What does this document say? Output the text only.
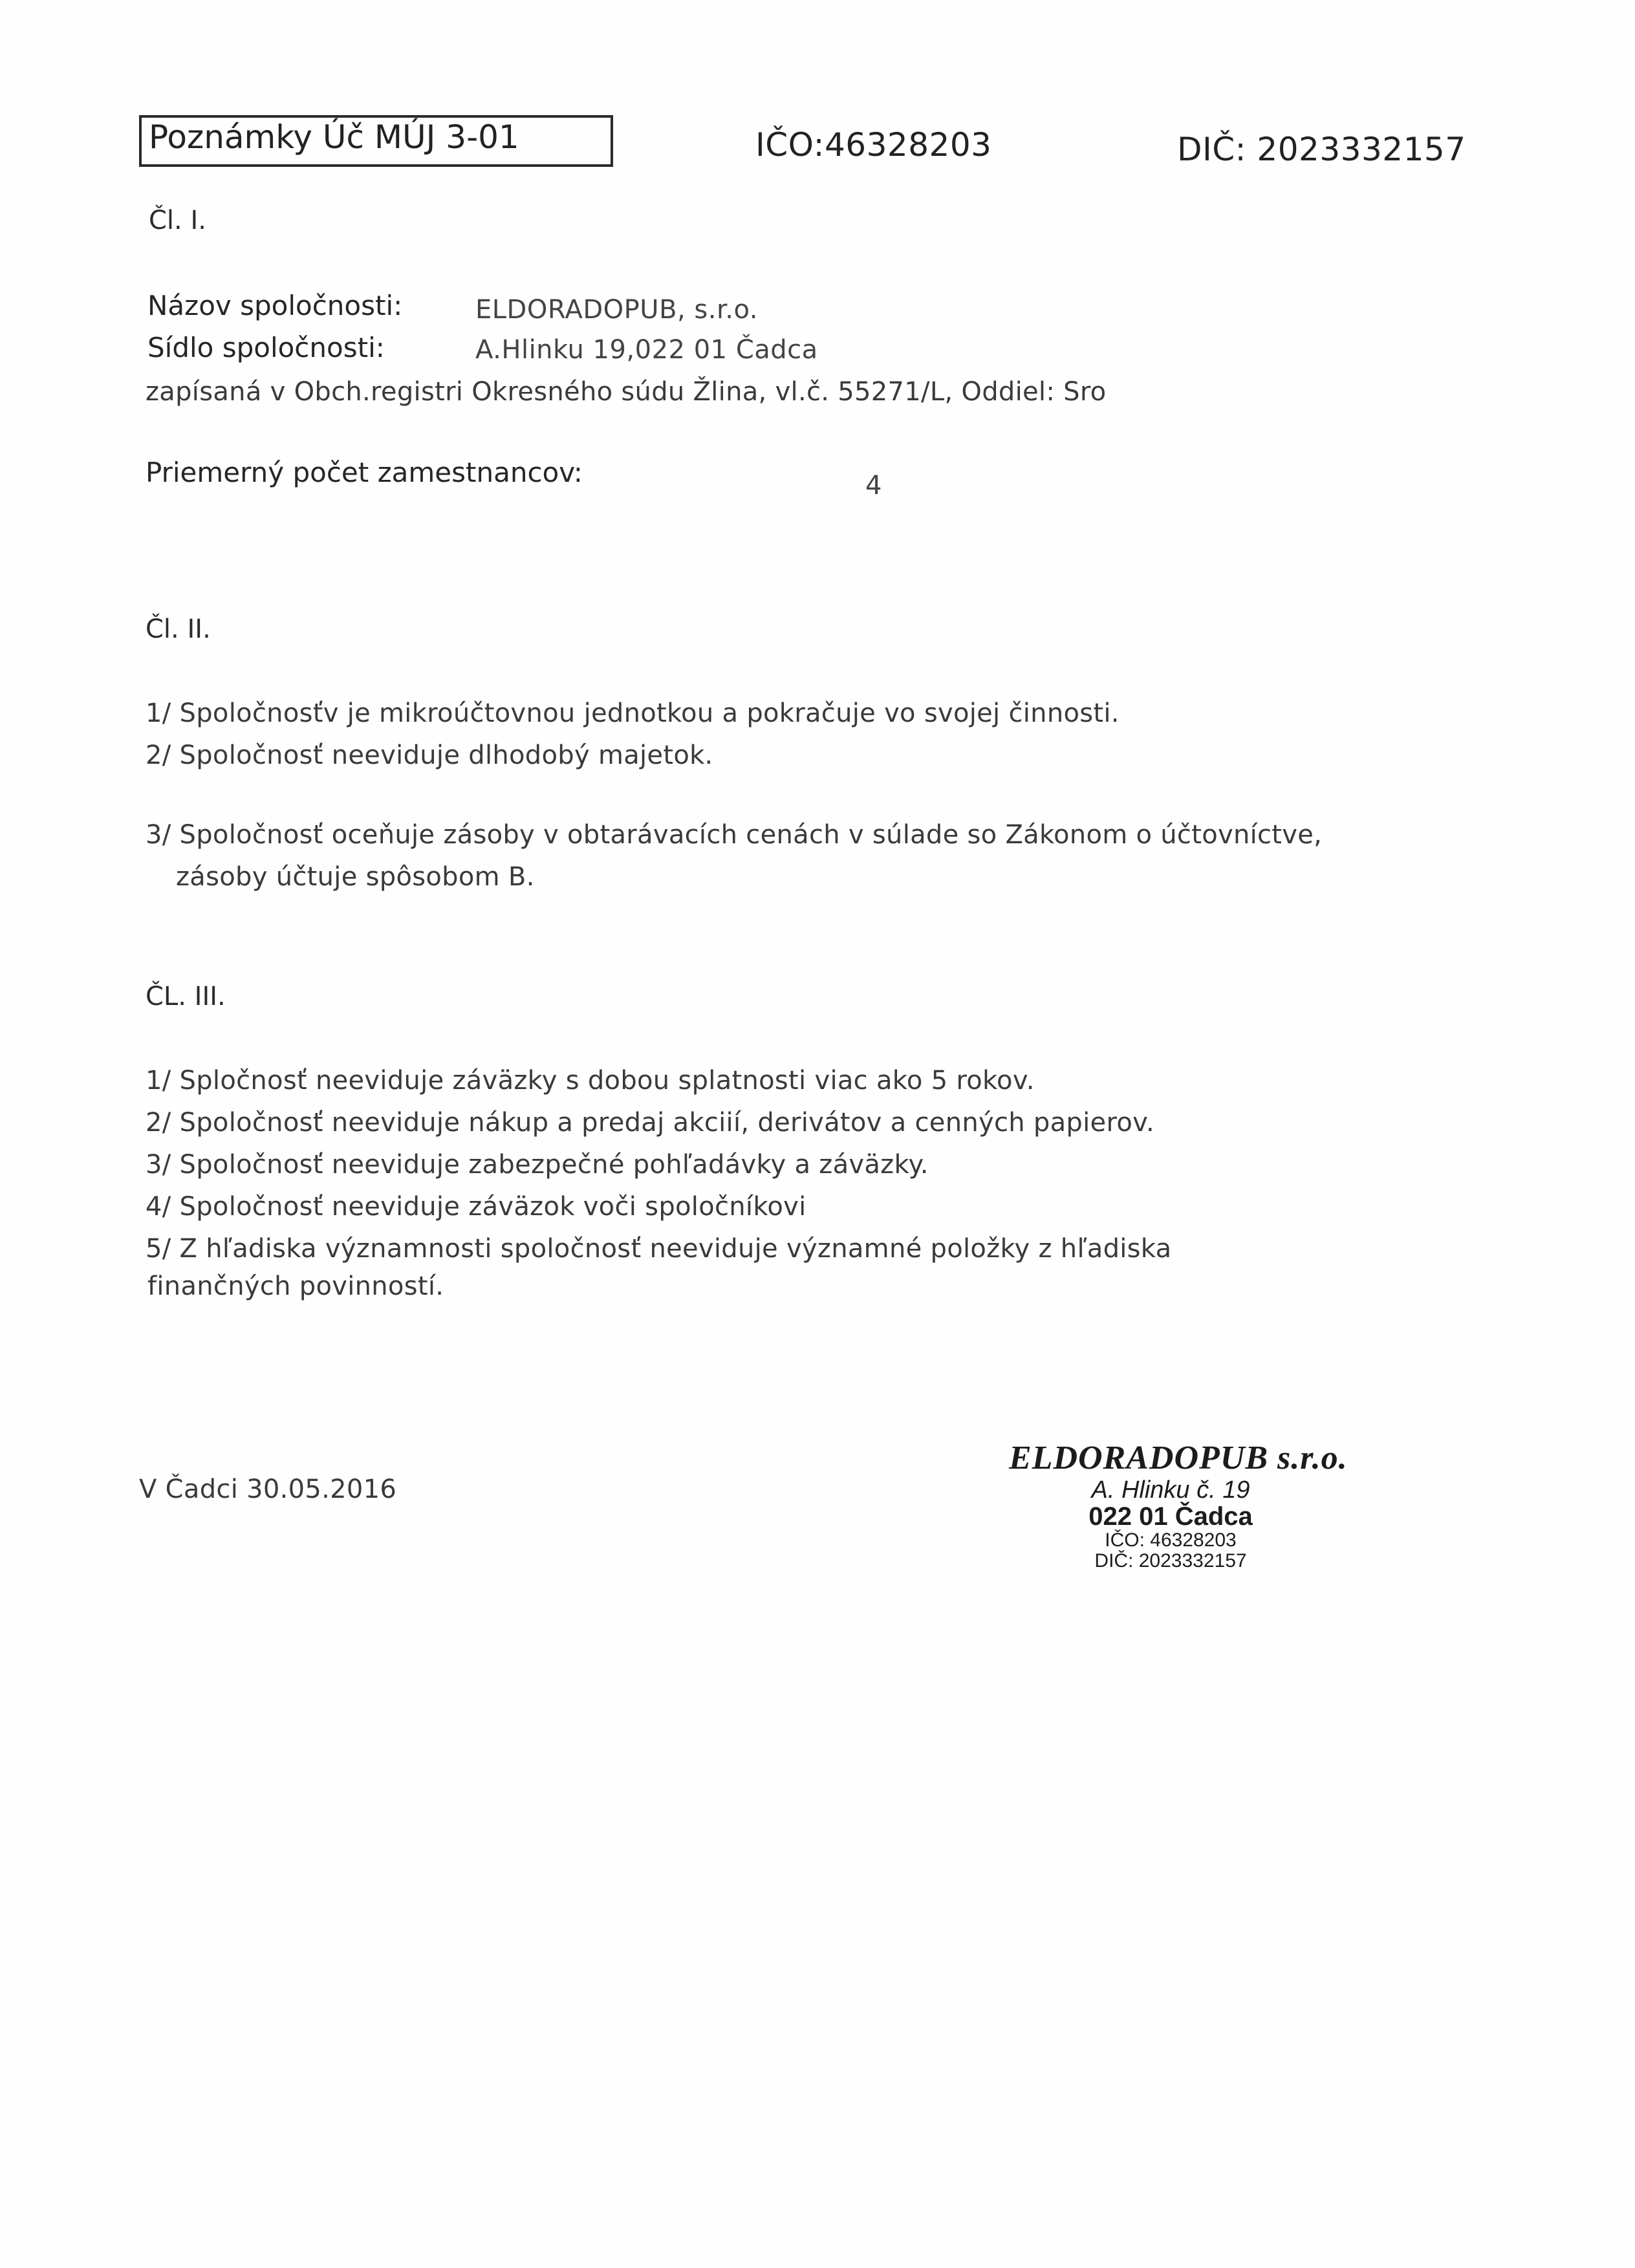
Poznámky Úč MÚJ 3-01	IČO:46328203	DIČ: 2023332157
Čl. I.
Názov spoločnosti:	ELDORADOPUB, s.r.o.
Sídlo spoločnosti:	A.Hlinku 19,022 01 Čadca
zapísaná v Obch.registri Okresného súdu Žlina, vl.č. 55271/L, Oddiel: Sro
Priemerný počet zamestnancov:	4
Čl. II.
1/ Spoločnosťv je mikroúčtovnou jednotkou a pokračuje vo svojej činnosti.
2/ Spoločnosť neeviduje dlhodobý majetok.
3/ Spoločnosť oceňuje zásoby v obtarávacích cenách v súlade so Zákonom o účtovníctve,
zásoby účtuje spôsobom B.
ČL. III.
1/ Spločnosť neeviduje záväzky s dobou splatnosti viac ako 5 rokov.
2/ Spoločnosť neeviduje nákup a predaj akciií, derivátov a cenných papierov.
3/ Spoločnosť neeviduje zabezpečné pohľadávky a záväzky.
4/ Spoločnosť neeviduje záväzok voči spoločníkovi
5/ Z hľadiska významnosti spoločnosť neeviduje významné položky z hľadiska
finančných povinností.
V Čadci 30.05.2016
ELDORADOPUB s.r.o.
A. Hlinku č. 19
022 01 Čadca
IČO: 46328203
DIČ: 2023332157
